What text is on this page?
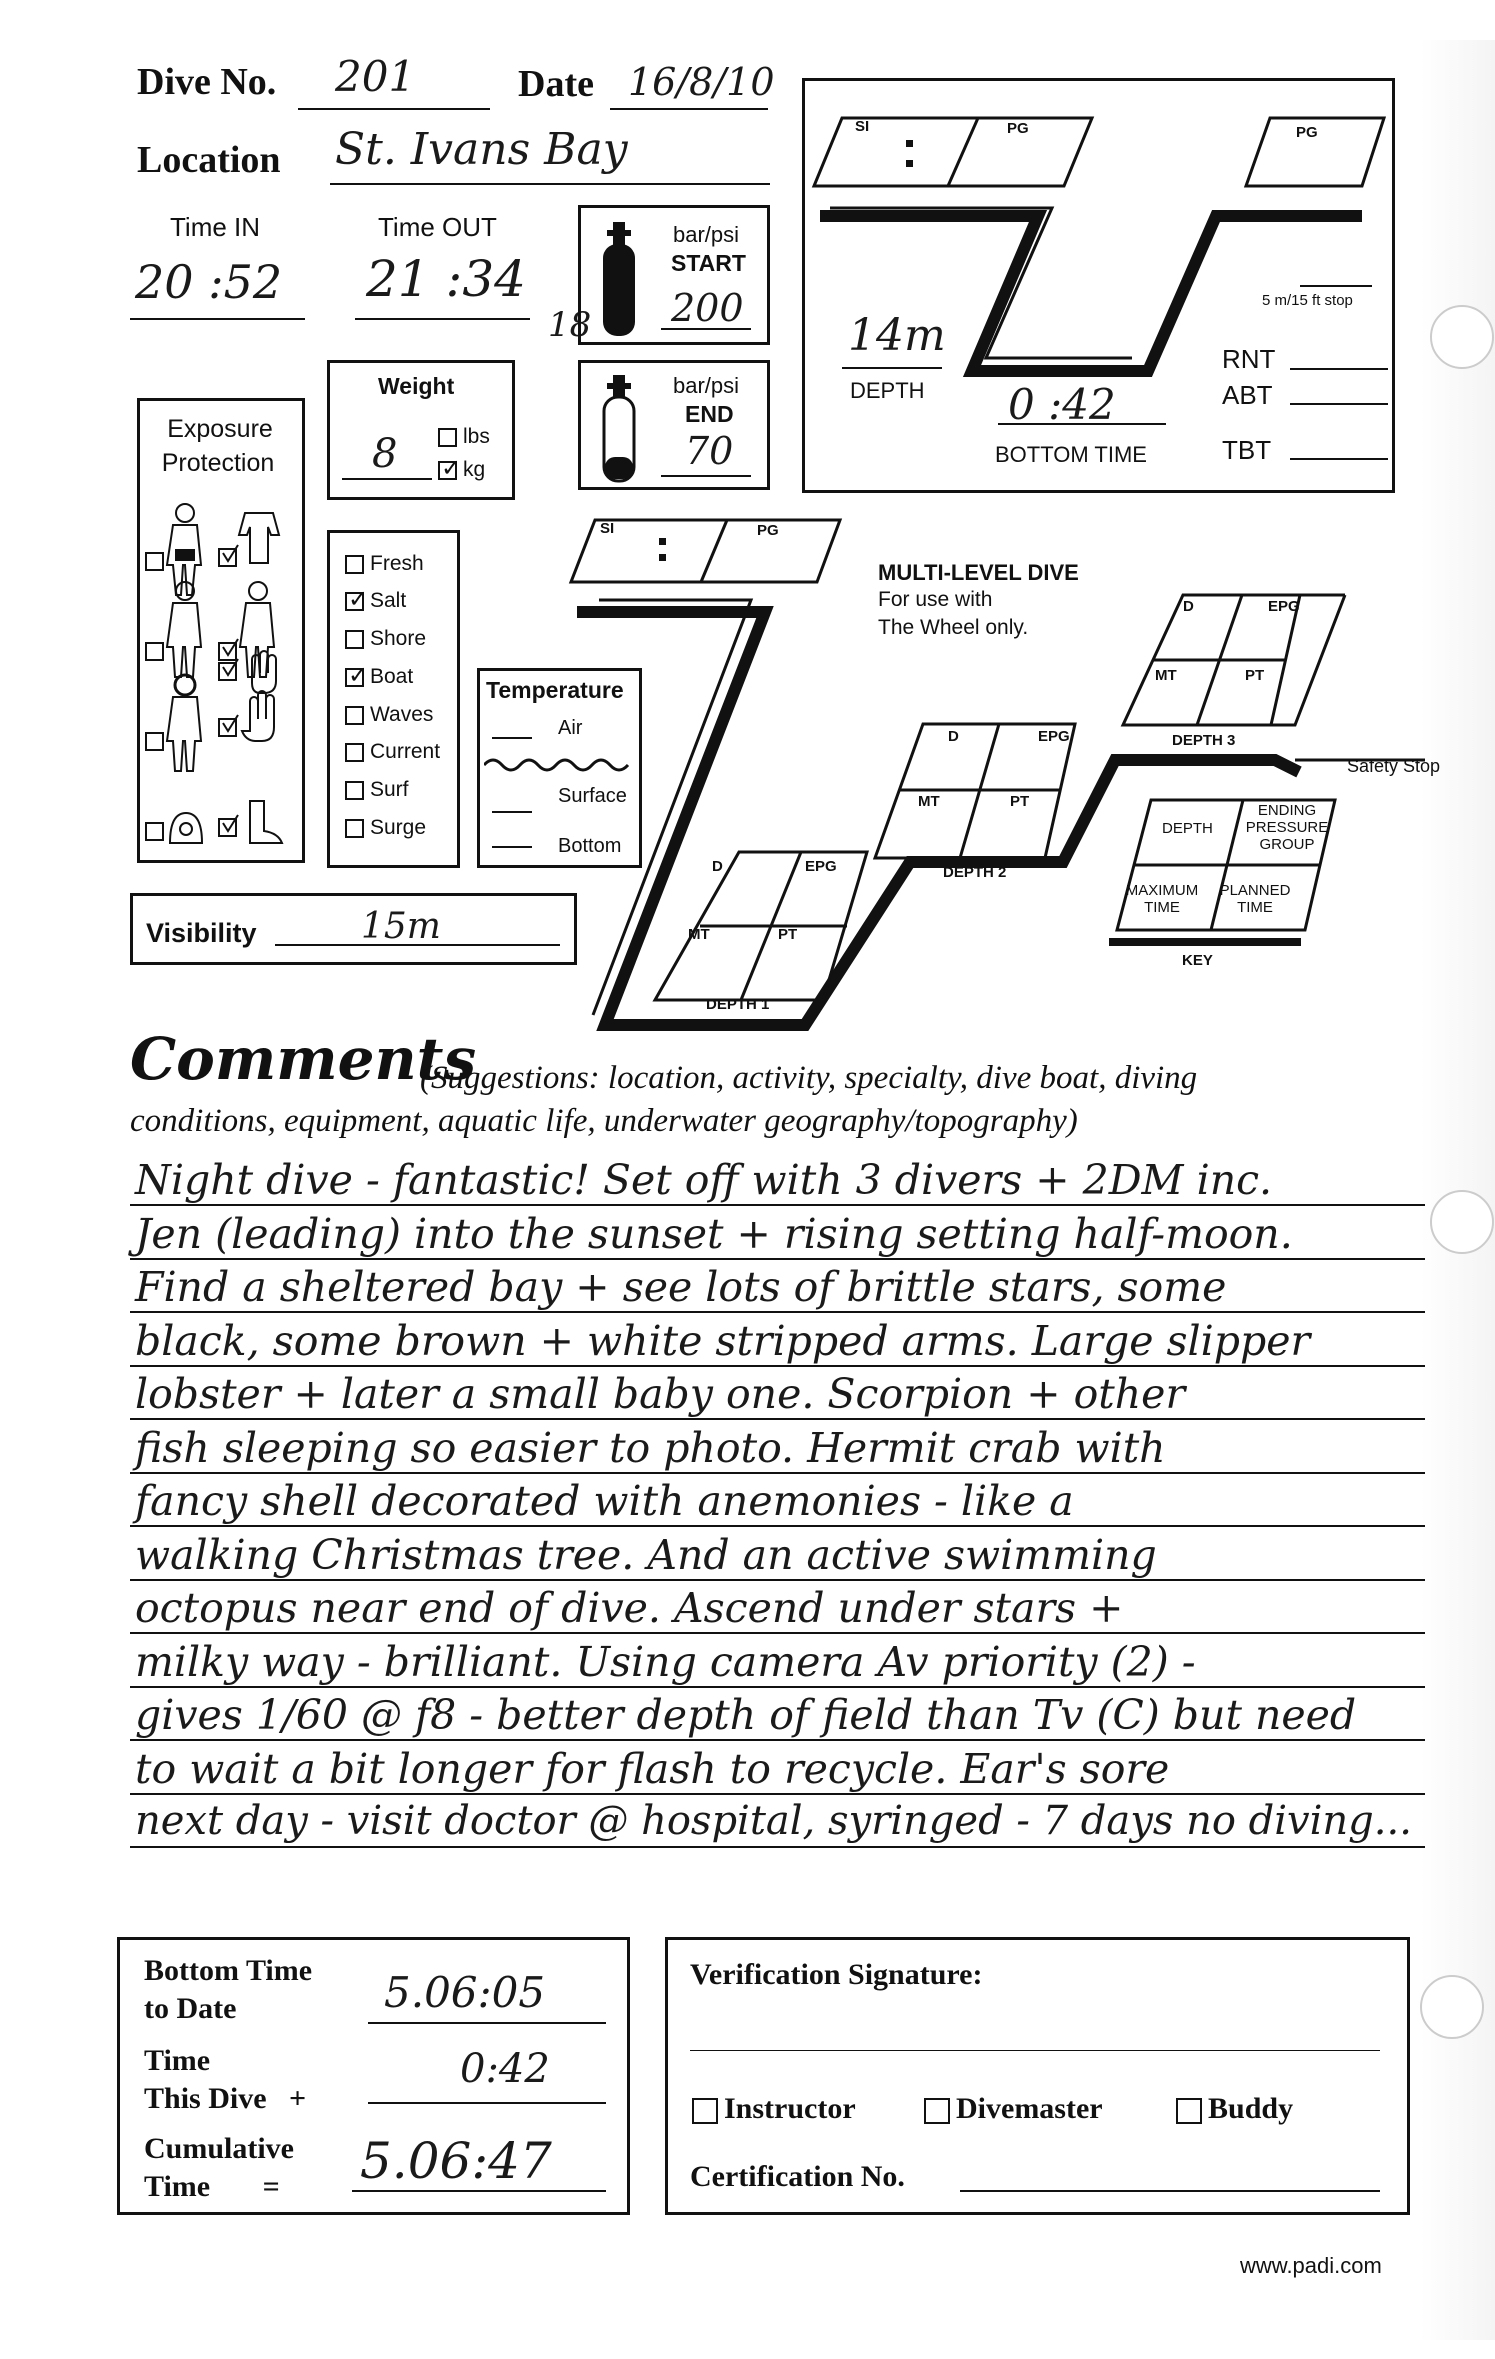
Dive No. 201	Date 16/8/10
Location St. Ivans Bay
Time IN
20 :52
Time OUT
21 :34
18
bar/psi
START
200
bar/psi
END
70
Weight
8	lbs
✓kg
Exposure
Protection
Fresh
✓Salt
Shore
✓Boat
Waves
Current
Surf
Surge
Temperature
Air
Surface
Bottom
Visibility	15m
SI	PG	PG
14m
DEPTH 0 :42
BOTTOM TIME
5 m/15 ft stop
RNT
ABT
TBT
MULTI-LEVEL DIVE
For use with
The Wheel only.
SI	PG
D	EPG
MT	PT
DEPTH 1
D	EPG
MT	PT
DEPTH 2
D	EPG
MT	PT
DEPTH 3
Safety Stop
DEPTH
ENDING PRESSURE GROUP
MAXIMUM TIME
PLANNED TIME
KEY
Comments
(Suggestions: location, activity, specialty, dive boat, diving
conditions, equipment, aquatic life, underwater geography/topography)
Night dive - fantastic! Set off with 3 divers + 2DM inc.
Jen (leading) into the sunset + rising setting half-moon.
Find a sheltered bay + see lots of brittle stars, some
black, some brown + white stripped arms. Large slipper
lobster + later a small baby one. Scorpion + other
fish sleeping so easier to photo. Hermit crab with
fancy shell decorated with anemonies - like a
walking Christmas tree. And an active swimming
octopus near end of dive. Ascend under stars +
milky way - brilliant. Using camera Av priority (2) -
gives 1/60 @ f8 - better depth of field than Tv (C) but need
to wait a bit longer for flash to recycle. Ear's sore
next day - visit doctor @ hospital, syringed - 7 days no diving...
Bottom Time
to Date	5.06:05
Time
This Dive +
0:42
Cumulative
Time = 5.06:47
Verification Signature:
Instructor	Divemaster	Buddy
Certification No.
www.padi.com
